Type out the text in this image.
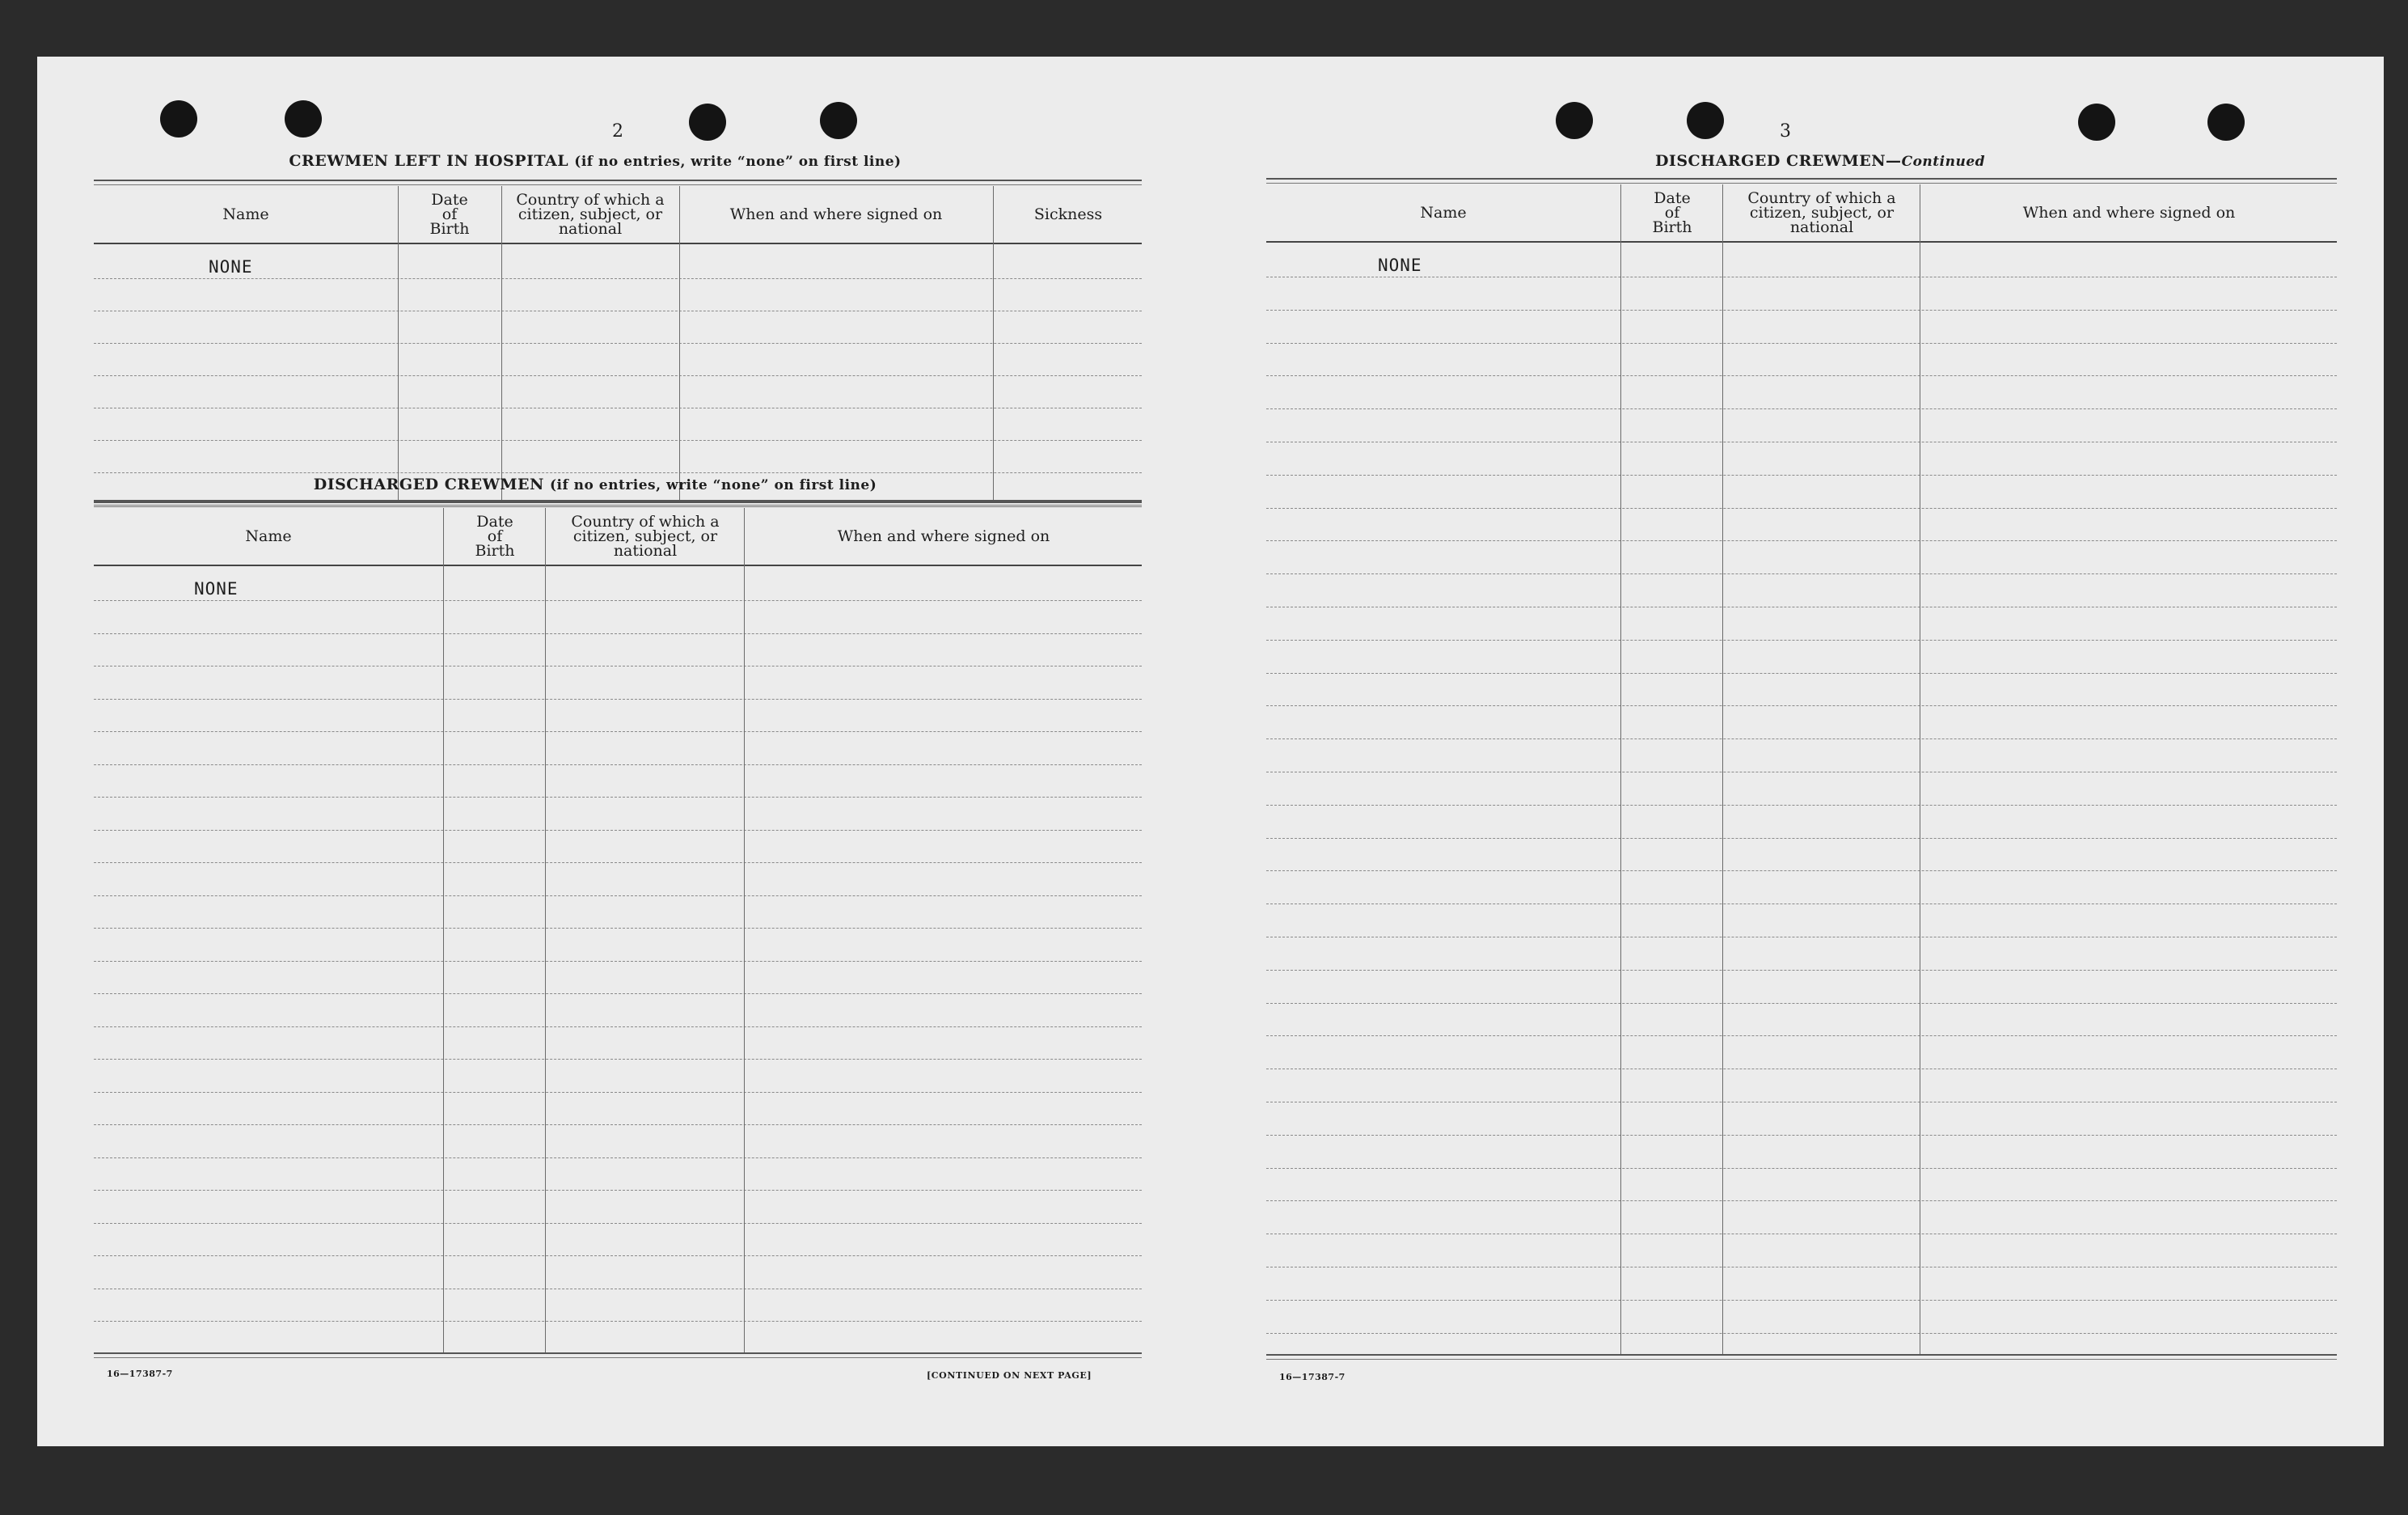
2
CREWMEN LEFT IN HOSPITAL (if no entries, write “none” on first line)
Name
Date of Birth
Country of which a citizen, subject, or national
When and where signed on	Sickness
NONE
DISCHARGED CREWMEN (if no entries, write “none” on first line)
Name
Date of Birth
Country of which a citizen, subject, or national
When and where signed on
NONE
16—17387-7	[CONTINUED ON NEXT PAGE]
3
DISCHARGED CREWMEN—Continued
Name
Date of Birth
Country of which a citizen, subject, or national
When and where signed on
NONE
16—17387-7
